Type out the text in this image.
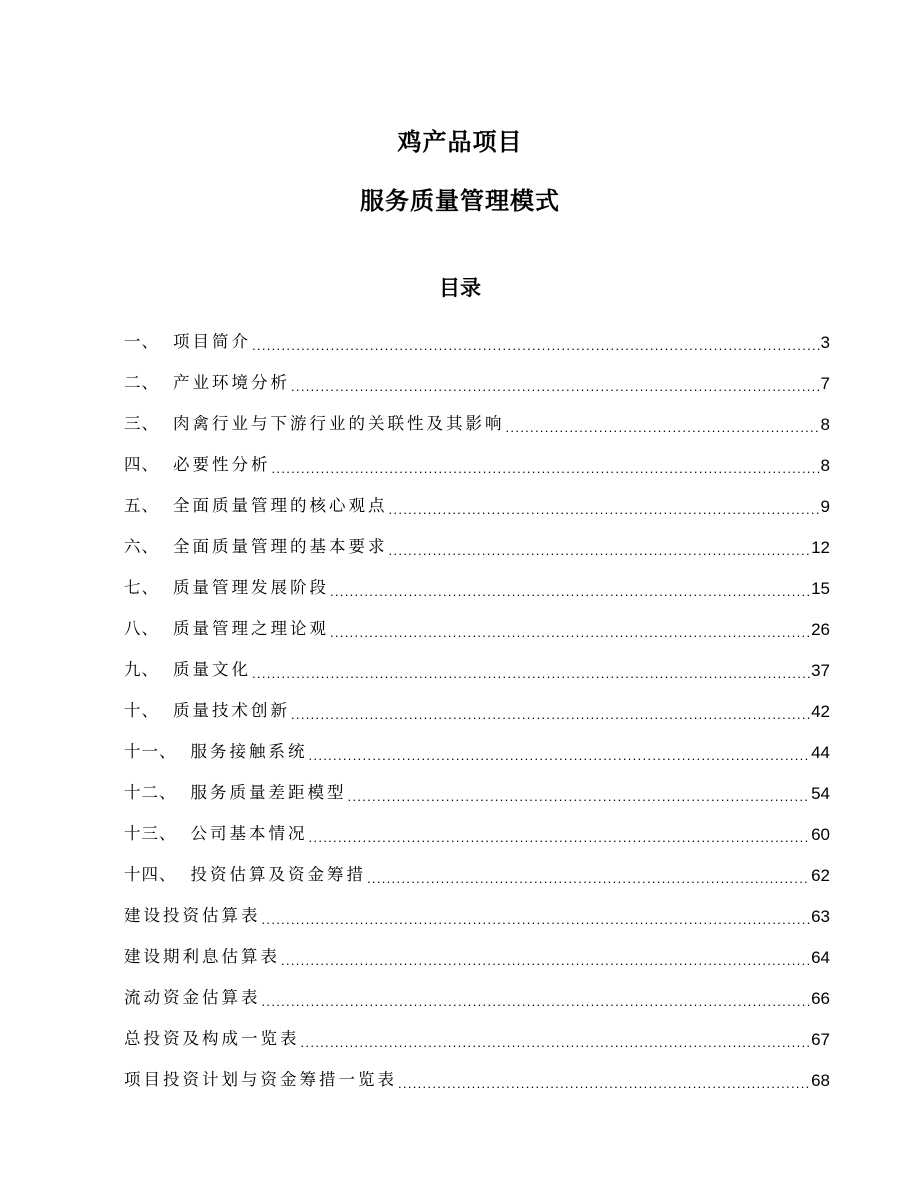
鸡产品项目
服务质量管理模式
目录
一、 项目简介 .....	3
二、 产业环境分析 .....	7
三、 肉禽行业与下游行业的关联性及其影响 .....	8
四、 必要性分析 .....	8
五、 全面质量管理的核心观点 .....	9
六、 全面质量管理的基本要求 .....	12
七、 质量管理发展阶段 .....	15
八、 质量管理之理论观 .....	26
九、 质量文化 .....	37
十、 质量技术创新 .....	42
十一、 服务接触系统 .....	44
十二、 服务质量差距模型 .....	54
十三、 公司基本情况 .....	60
十四、 投资估算及资金筹措 .....	62
建设投资估算表 .....	63
建设期利息估算表 .....	64
流动资金估算表 .....	66
总投资及构成一览表 .....	67
项目投资计划与资金筹措一览表 .....	68
